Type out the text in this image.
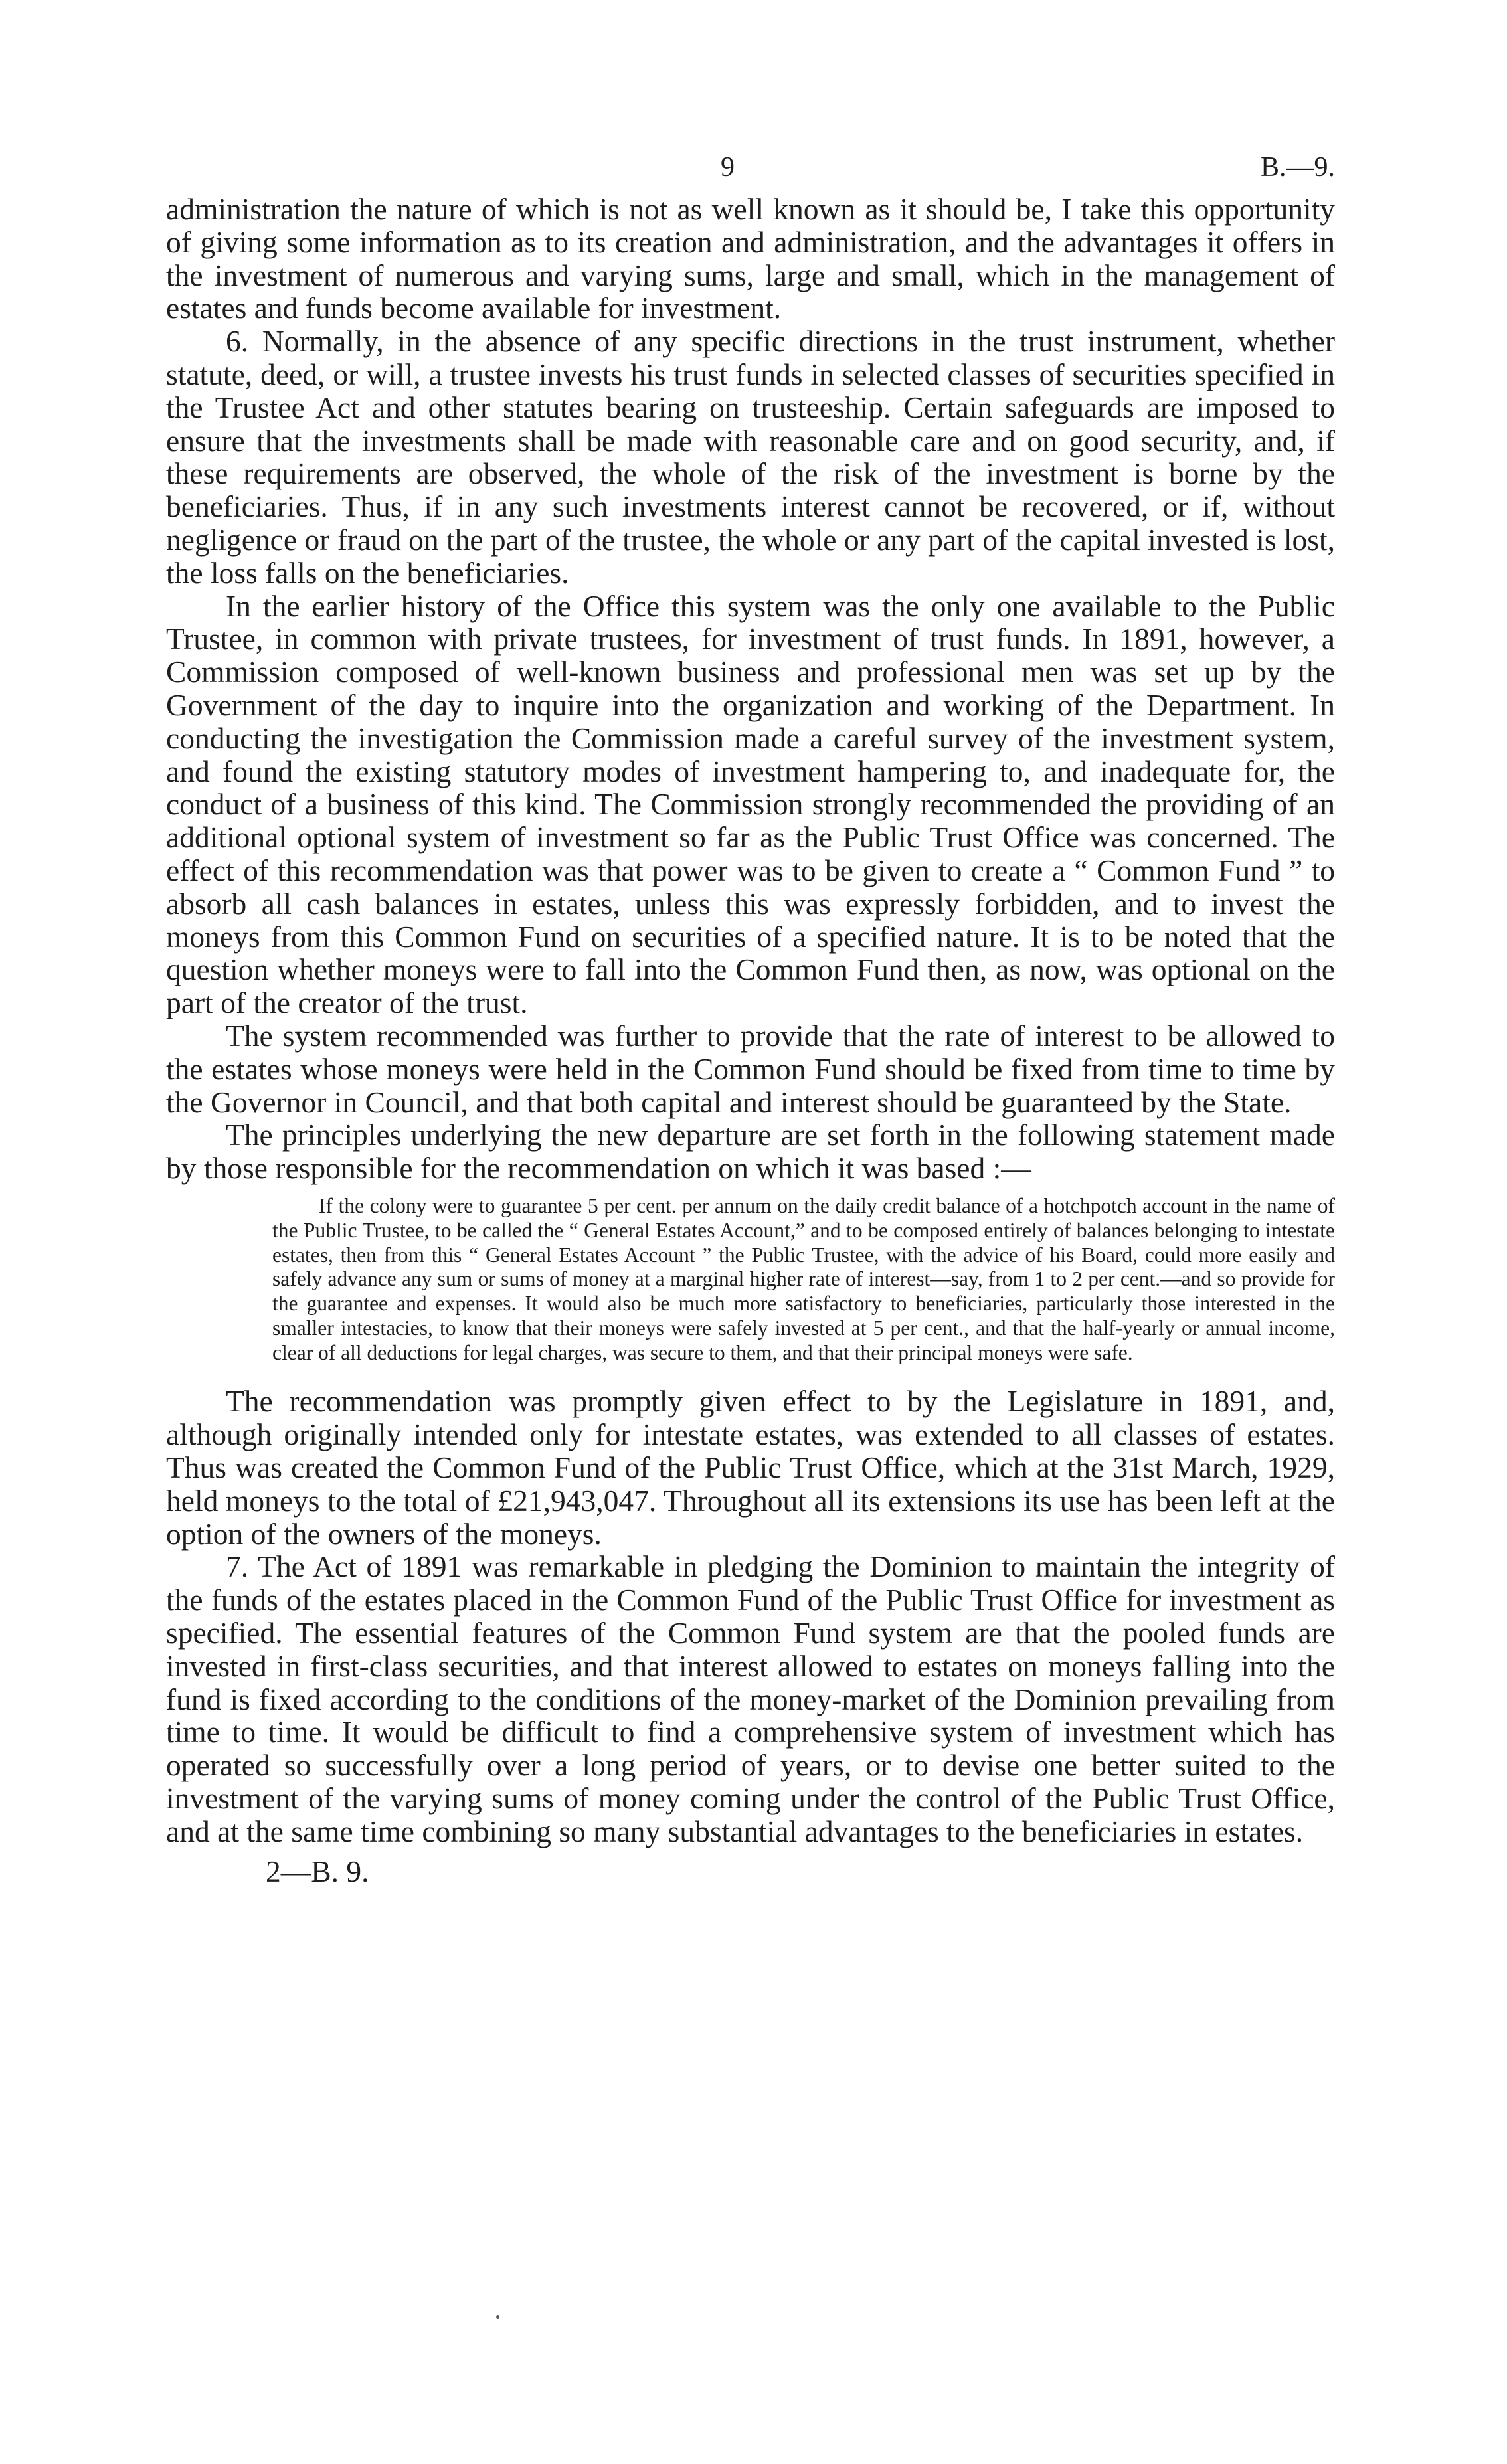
9	B.—9.

administration the nature of which is not as well known as it should be, I take this opportunity of giving some information as to its creation and administration, and the advantages it offers in the investment of numerous and varying sums, large and small, which in the management of estates and funds become available for investment.

6. Normally, in the absence of any specific directions in the trust instrument, whether statute, deed, or will, a trustee invests his trust funds in selected classes of securities specified in the Trustee Act and other statutes bearing on trusteeship. Certain safeguards are imposed to ensure that the investments shall be made with reasonable care and on good security, and, if these requirements are observed, the whole of the risk of the investment is borne by the beneficiaries. Thus, if in any such investments interest cannot be recovered, or if, without negligence or fraud on the part of the trustee, the whole or any part of the capital invested is lost, the loss falls on the beneficiaries.

In the earlier history of the Office this system was the only one available to the Public Trustee, in common with private trustees, for investment of trust funds. In 1891, however, a Commission composed of well-known business and professional men was set up by the Government of the day to inquire into the organization and working of the Department. In conducting the investigation the Commission made a careful survey of the investment system, and found the existing statutory modes of investment hampering to, and inadequate for, the conduct of a business of this kind. The Commission strongly recommended the providing of an additional optional system of investment so far as the Public Trust Office was concerned. The effect of this recommendation was that power was to be given to create a “ Common Fund ” to absorb all cash balances in estates, unless this was expressly forbidden, and to invest the moneys from this Common Fund on securities of a specified nature. It is to be noted that the question whether moneys were to fall into the Common Fund then, as now, was optional on the part of the creator of the trust.

The system recommended was further to provide that the rate of interest to be allowed to the estates whose moneys were held in the Common Fund should be fixed from time to time by the Governor in Council, and that both capital and interest should be guaranteed by the State.

The principles underlying the new departure are set forth in the following statement made by those responsible for the recommendation on which it was based :—

If the colony were to guarantee 5 per cent. per annum on the daily credit balance of a hotchpotch account in the name of the Public Trustee, to be called the “ General Estates Account,” and to be composed entirely of balances belonging to intestate estates, then from this “ General Estates Account ” the Public Trustee, with the advice of his Board, could more easily and safely advance any sum or sums of money at a marginal higher rate of interest—say, from 1 to 2 per cent.—and so provide for the guarantee and expenses. It would also be much more satisfactory to beneficiaries, particularly those interested in the smaller intestacies, to know that their moneys were safely invested at 5 per cent., and that the half-yearly or annual income, clear of all deductions for legal charges, was secure to them, and that their principal moneys were safe.

The recommendation was promptly given effect to by the Legislature in 1891, and, although originally intended only for intestate estates, was extended to all classes of estates. Thus was created the Common Fund of the Public Trust Office, which at the 31st March, 1929, held moneys to the total of £21,943,047. Throughout all its extensions its use has been left at the option of the owners of the moneys.

7. The Act of 1891 was remarkable in pledging the Dominion to maintain the integrity of the funds of the estates placed in the Common Fund of the Public Trust Office for investment as specified. The essential features of the Common Fund system are that the pooled funds are invested in first-class securities, and that interest allowed to estates on moneys falling into the fund is fixed according to the conditions of the money-market of the Dominion prevailing from time to time. It would be difficult to find a comprehensive system of investment which has operated so successfully over a long period of years, or to devise one better suited to the investment of the varying sums of money coming under the control of the Public Trust Office, and at the same time combining so many substantial advantages to the beneficiaries in estates.

2—B. 9.
